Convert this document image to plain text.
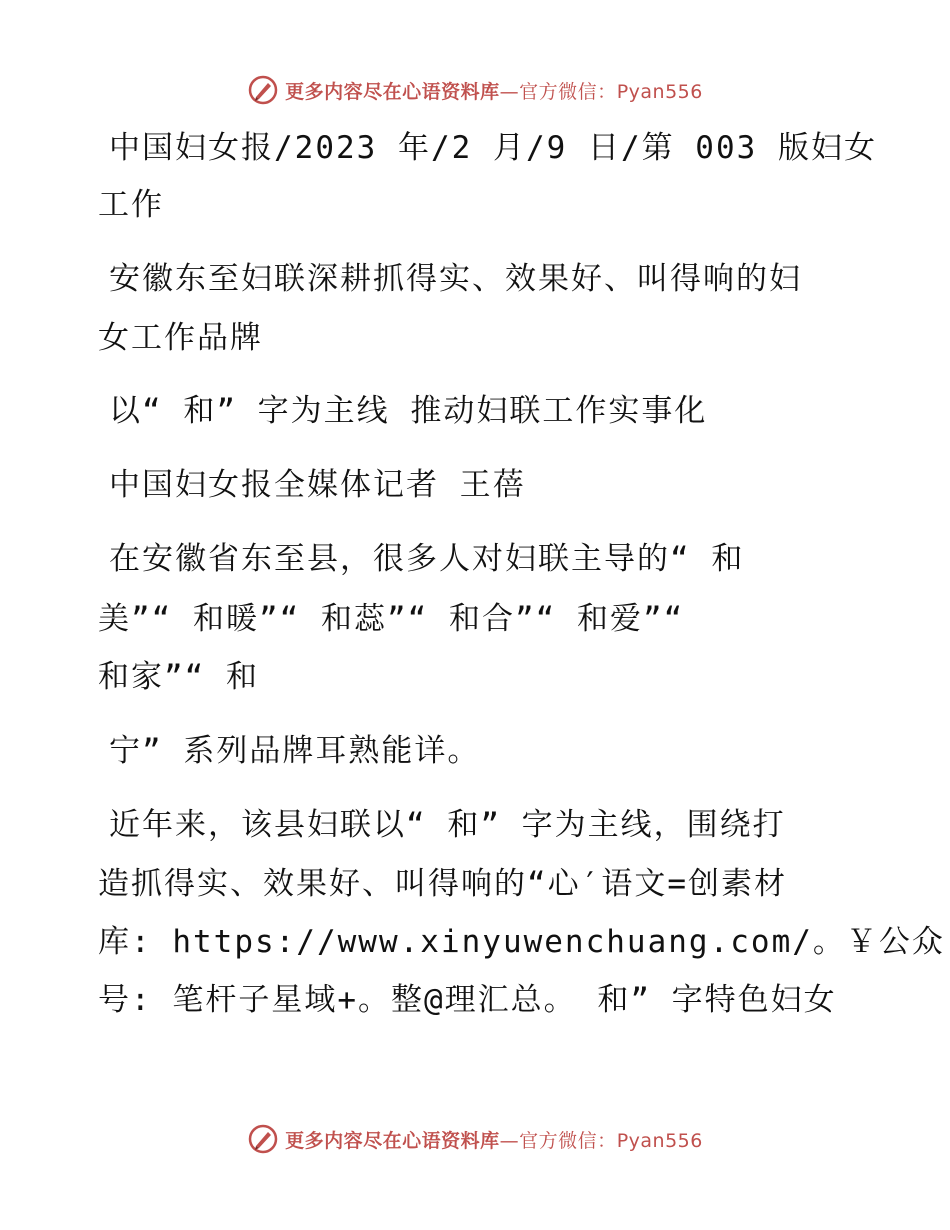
更多内容尽在心语资料库—官方微信：Pyan556
中国妇女报/2023 年/2 月/9 日/第 003 版妇女
工作
安徽东至妇联深耕抓得实、效果好、叫得响的妇
女工作品牌
以“ 和” 字为主线 推动妇联工作实事化
中国妇女报全媒体记者 王蓓
在安徽省东至县，很多人对妇联主导的“ 和
美”“ 和暖”“ 和蕊”“ 和合”“ 和爱”“
和家”“ 和
宁” 系列品牌耳熟能详。
近年来，该县妇联以“ 和” 字为主线，围绕打
造抓得实、效果好、叫得响的“心′语文=创素材
库: https://www.xinyuwenchuang.com/。￥公众
号: 笔杆子星域+。整@理汇总。 和” 字特色妇女
更多内容尽在心语资料库—官方微信：Pyan556
